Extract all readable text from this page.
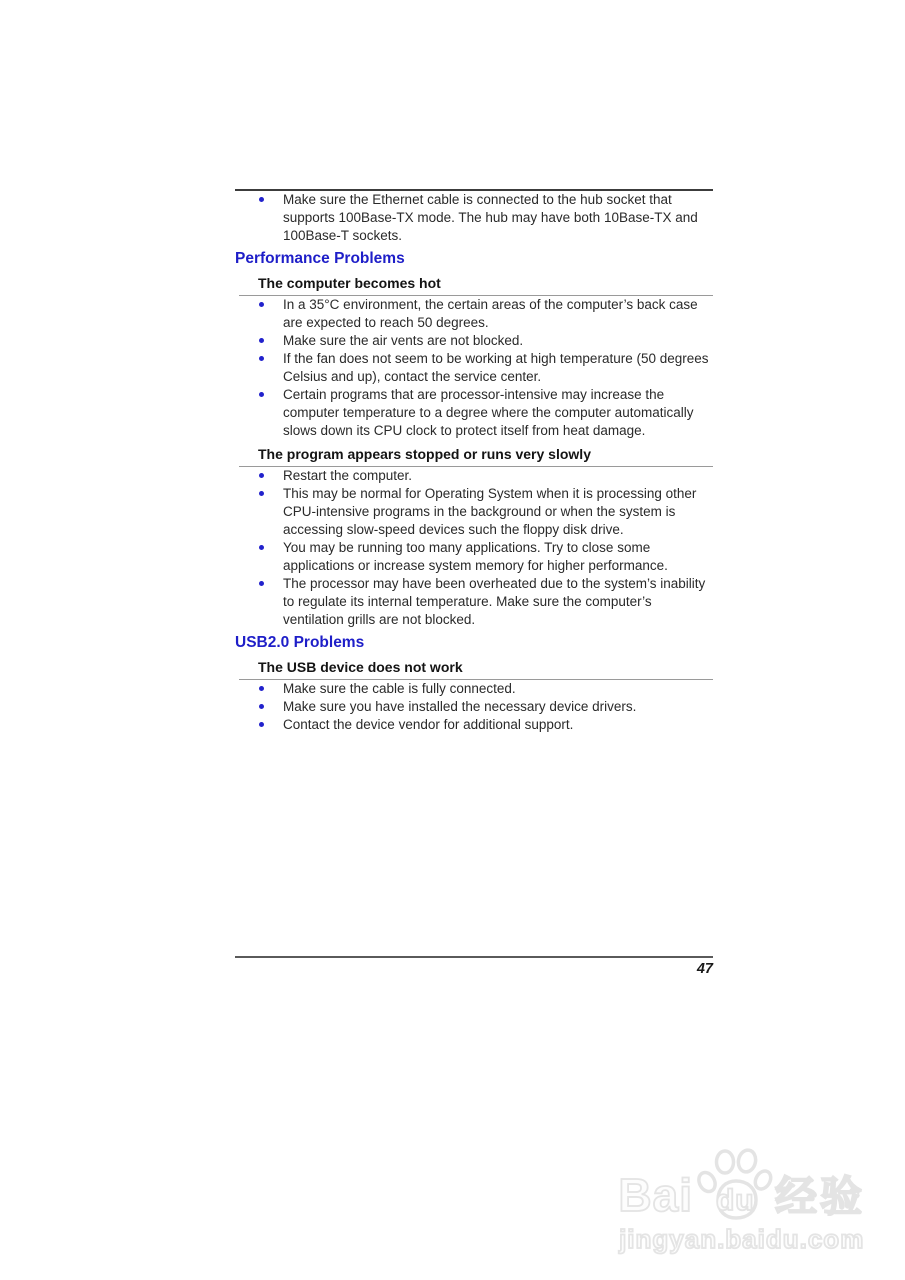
Make sure the Ethernet cable is connected to the hub socket that supports 100Base-TX mode. The hub may have both 10Base-TX and 100Base-T sockets.
Performance Problems
The computer becomes hot
In a 35°C environment, the certain areas of the computer’s back case are expected to reach 50 degrees.
Make sure the air vents are not blocked.
If the fan does not seem to be working at high temperature (50 degrees Celsius and up), contact the service center.
Certain programs that are processor-intensive may increase the computer temperature to a degree where the computer automatically slows down its CPU clock to protect itself from heat damage.
The program appears stopped or runs very slowly
Restart the computer.
This may be normal for Operating System when it is processing other CPU-intensive programs in the background or when the system is accessing slow-speed devices such the floppy disk drive.
You may be running too many applications. Try to close some applications or increase system memory for higher performance.
The processor may have been overheated due to the system’s inability to regulate its internal temperature. Make sure the computer’s ventilation grills are not blocked.
USB2.0 Problems
The USB device does not work
Make sure the cable is fully connected.
Make sure you have installed the necessary device drivers.
Contact the device vendor for additional support.
47
Bai du 经验
jingyan.baidu.com
